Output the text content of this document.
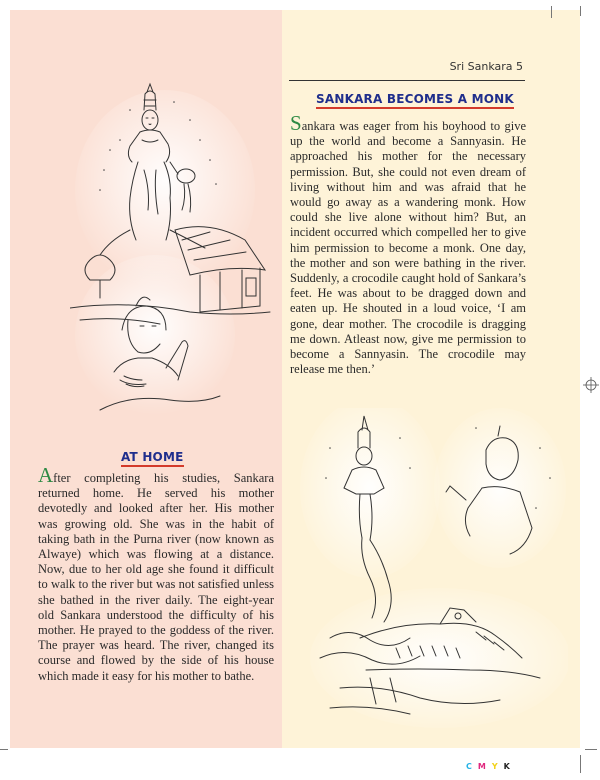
Sri Sankara 5
SANKARA BECOMES A MONK

Sankara was eager from his boyhood to give up the world and become a Sannyasin. He approached his mother for the necessary permission. But, she could not even dream of living without him and was afraid that he would go away as a wandering monk. How could she live alone without him? But, an incident occurred which compelled her to give him permission to become a monk. One day, the mother and son were bathing in the river. Suddenly, a crocodile caught hold of Sankara’s feet. He was about to be dragged down and eaten up. He shouted in a loud voice, ‘I am gone, dear mother. The crocodile is dragging me down. Atleast now, give me permission to become a Sannyasin. The crocodile may release me then.’

AT HOME

After completing his studies, Sankara returned home. He served his mother devotedly and looked after her. His mother was growing old. She was in the habit of taking bath in the Purna river (now known as Alwaye) which was flowing at a distance. Now, due to her old age she found it difficult to walk to the river but was not satisfied unless she bathed in the river daily. The eight-year old Sankara understood the difficulty of his mother. He prayed to the goddess of the river. The prayer was heard. The river, changed its course and flowed by the side of his house which made it easy for his mother to bathe.

CMYK
